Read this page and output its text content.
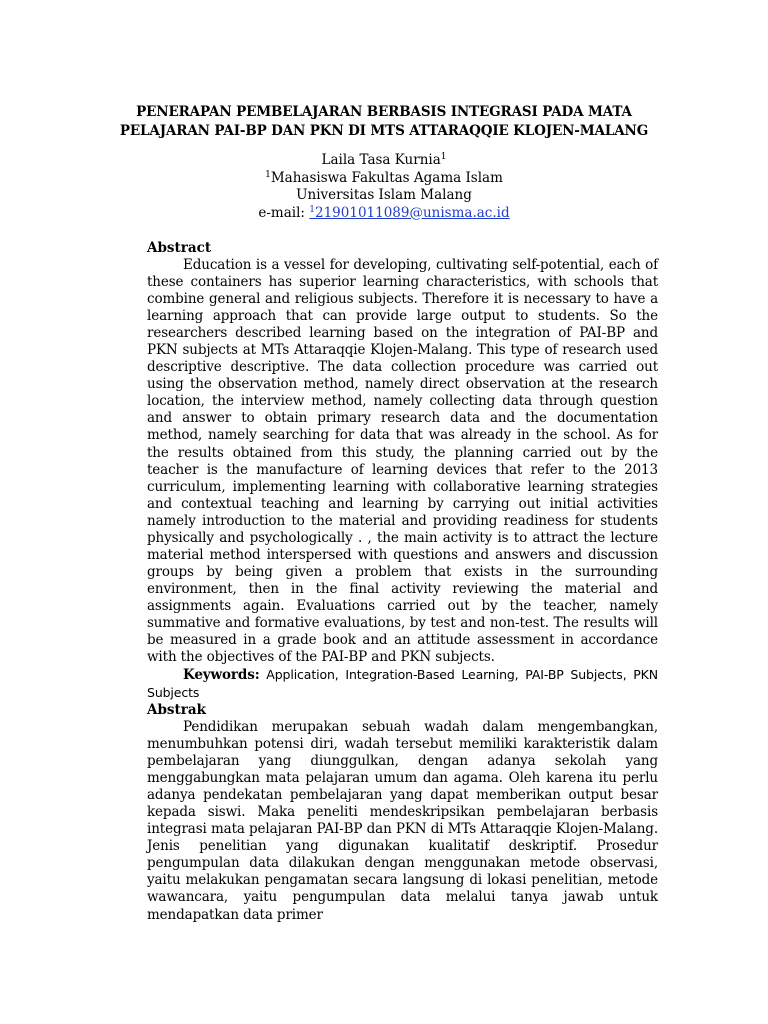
PENERAPAN PEMBELAJARAN BERBASIS INTEGRASI PADA MATA
PELAJARAN PAI-BP DAN PKN DI MTS ATTARAQQIE KLOJEN-MALANG
Laila Tasa Kurnia$^1$
$^1$Mahasiswa Fakultas Agama Islam
Universitas Islam Malang
e-mail: $^1$21901011089@unisma.ac.id
Abstract

Education is a vessel for developing, cultivating self-potential, each of these containers has superior learning characteristics, with schools that combine general and religious subjects. Therefore it is necessary to have a learning approach that can provide large output to students. So the researchers described learning based on the integration of PAI-BP and PKN subjects at MTs Attaraqqie Klojen-Malang. This type of research used descriptive descriptive. The data collection procedure was carried out using the observation method, namely direct observation at the research location, the interview method, namely collecting data through question and answer to obtain primary research data and the documentation method, namely searching for data that was already in the school. As for the results obtained from this study, the planning carried out by the teacher is the manufacture of learning devices that refer to the 2013 curriculum, implementing learning with collaborative learning strategies and contextual teaching and learning by carrying out initial activities namely introduction to the material and providing readiness for students physically and psychologically . , the main activity is to attract the lecture material method interspersed with questions and answers and discussion groups by being given a problem that exists in the surrounding environment, then in the final activity reviewing the material and assignments again. Evaluations carried out by the teacher, namely summative and formative evaluations, by test and non-test. The results will be measured in a grade book and an attitude assessment in accordance with the objectives of the PAI-BP and PKN subjects.

Keywords: Application, Integration-Based Learning, PAI-BP Subjects, PKN Subjects

Abstrak

Pendidikan merupakan sebuah wadah dalam mengembangkan, menumbuhkan potensi diri, wadah tersebut memiliki karakteristik dalam pembelajaran yang diunggulkan, dengan adanya sekolah yang menggabungkan mata pelajaran umum dan agama. Oleh karena itu perlu adanya pendekatan pembelajaran yang dapat memberikan output besar kepada siswi. Maka peneliti mendeskripsikan pembelajaran berbasis integrasi mata pelajaran PAI-BP dan PKN di MTs Attaraqqie Klojen-Malang. Jenis penelitian yang digunakan kualitatif deskriptif. Prosedur pengumpulan data dilakukan dengan menggunakan metode observasi, yaitu melakukan pengamatan secara langsung di lokasi penelitian, metode wawancara, yaitu pengumpulan data melalui tanya jawab untuk mendapatkan data primer
